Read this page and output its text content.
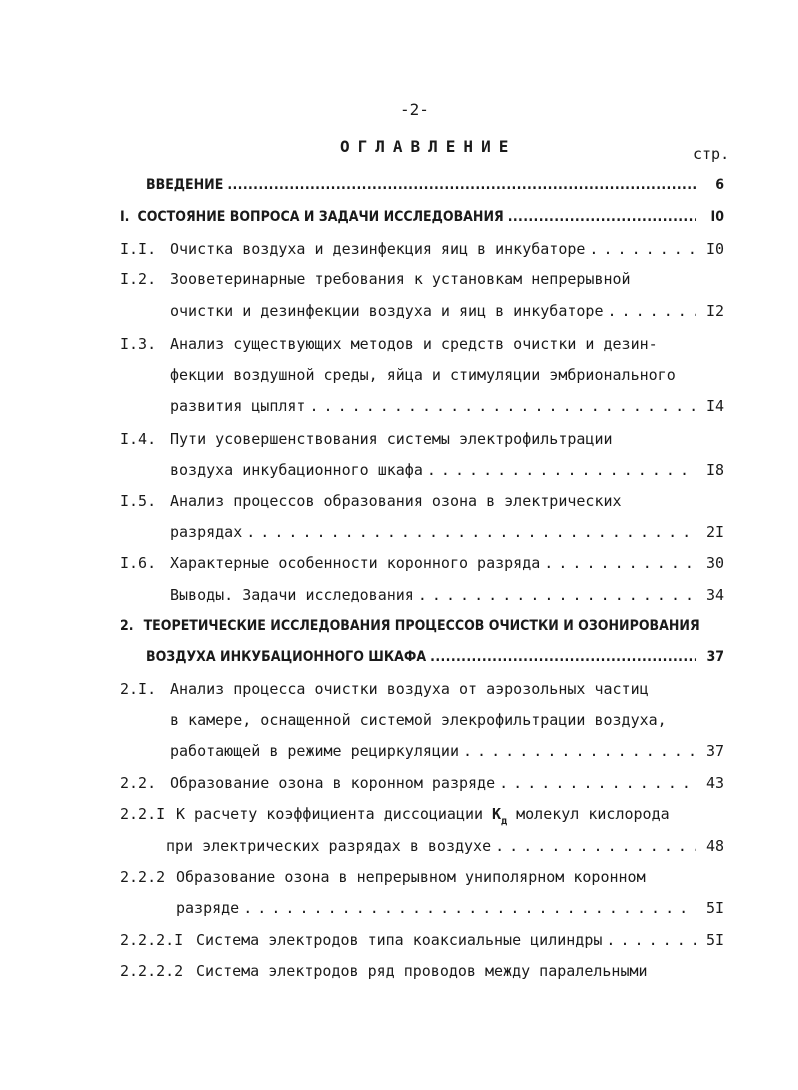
-2-
ОГЛАВЛЕНИЕ	стр.
ВВЕДЕНИЕ . . .	6
I. СОСТОЯНИЕ ВОПРОСА И ЗАДАЧИ ИССЛЕДОВАНИЯ . . .	I0
I.I. Очистка воздуха и дезинфекция яиц в инкубаторе . . .	I0
I.2. Зооветеринарные требования к установкам непрерывной
очистки и дезинфекции воздуха и яиц в инкубаторе . . .	I2
I.3. Анализ существующих методов и средств очистки и дезин-
фекции воздушной среды, яйца и стимуляции эмбрионального
развития цыплят . . .	I4
I.4. Пути усовершенствования системы электрофильтрации
воздуха инкубационного шкафа . . .	I8
I.5. Анализ процессов образования озона в электрических
разрядах . . .	2I
I.6. Характерные особенности коронного разряда . . .	30
Выводы. Задачи исследования . . .	34
2. ТЕОРЕТИЧЕСКИЕ ИССЛЕДОВАНИЯ ПРОЦЕССОВ ОЧИСТКИ И ОЗОНИРОВАНИЯ
ВОЗДУХА ИНКУБАЦИОННОГО ШКАФА . . .	37
2.I. Анализ процесса очистки воздуха от аэрозольных частиц
в камере, оснащенной системой элекрофильтрации воздуха,
работающей в режиме рециркуляции . . .	37
2.2. Образование озона в коронном разряде . . .	43
2.2.I К расчету коэффициента диссоциации $К_д$ молекул кислорода
при электрических разрядах в воздухе . . .	48
2.2.2 Образование озона в непрерывном униполярном коронном
разряде . . .	5I
2.2.2.I Система электродов типа коаксиальные цилиндры . . .	5I
2.2.2.2 Система электродов ряд проводов между паралельными
